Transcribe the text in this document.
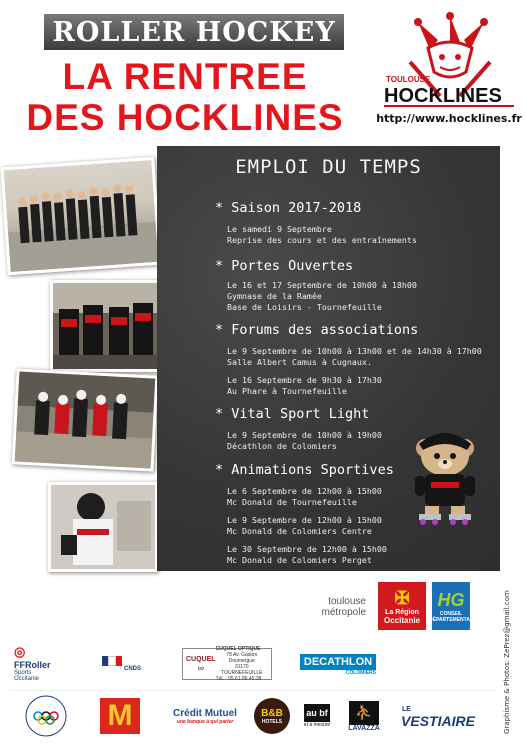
ROLLER HOCKEY
LA RENTREE
DES HOCKLINES
TOULOUSE
HOCKLINES
http://www.hocklines.fr
EMPLOI DU TEMPS
* Saison 2017-2018
Le samedi 9 Septembre
Reprise des cours et des entraînements
* Portes Ouvertes
Le 16 et 17 Septembre de 10h00 à 18h00
Gymnase de la Ramée
Base de Loisirs - Tournefeuille
* Forums des associations
Le 9 Septembre de 10h00 à 13h00 et de 14h30 à 17h00
Salle Albert Camus à Cugnaux.
Le 16 Septembre de 9h30 à 17h30
Au Phare à Tournefeuille
* Vital Sport Light
Le 9 Septembre de 10h00 à 19h00
Décathlon de Colomiers
* Animations Sportives
Le 6 Septembre de 12h00 à 15h00
Mc Donald de Tournefeuille
Le 9 Septembre de 12h00 à 15h00
Mc Donald de Colomiers Centre
Le 30 Septembre de 12h00 à 15h00
Mc Donald de Colomiers Perget
toulouse
métropole
✠
La Région
Occitanie
HG
CONSEIL
DÉPARTEMENTAL	Graphisme & Photos: ZePrez@gmail.com
◎
FFRoller
Sports
Occitanie
CNDS
CUQUEL
∞
CUQUEL OPTIQUE
78 Av. Gaston Doumergue
31170 TOURNEFEUILLE
Tél. : 05.61.86.45.38
DECATHLON
COLOMIERS
M	Crédit Mutuel
une banque à qui parler
B&B
HOTELS
au bf
et à mesure
⛹
LAVAZZA
LE
VESTIAIRE
